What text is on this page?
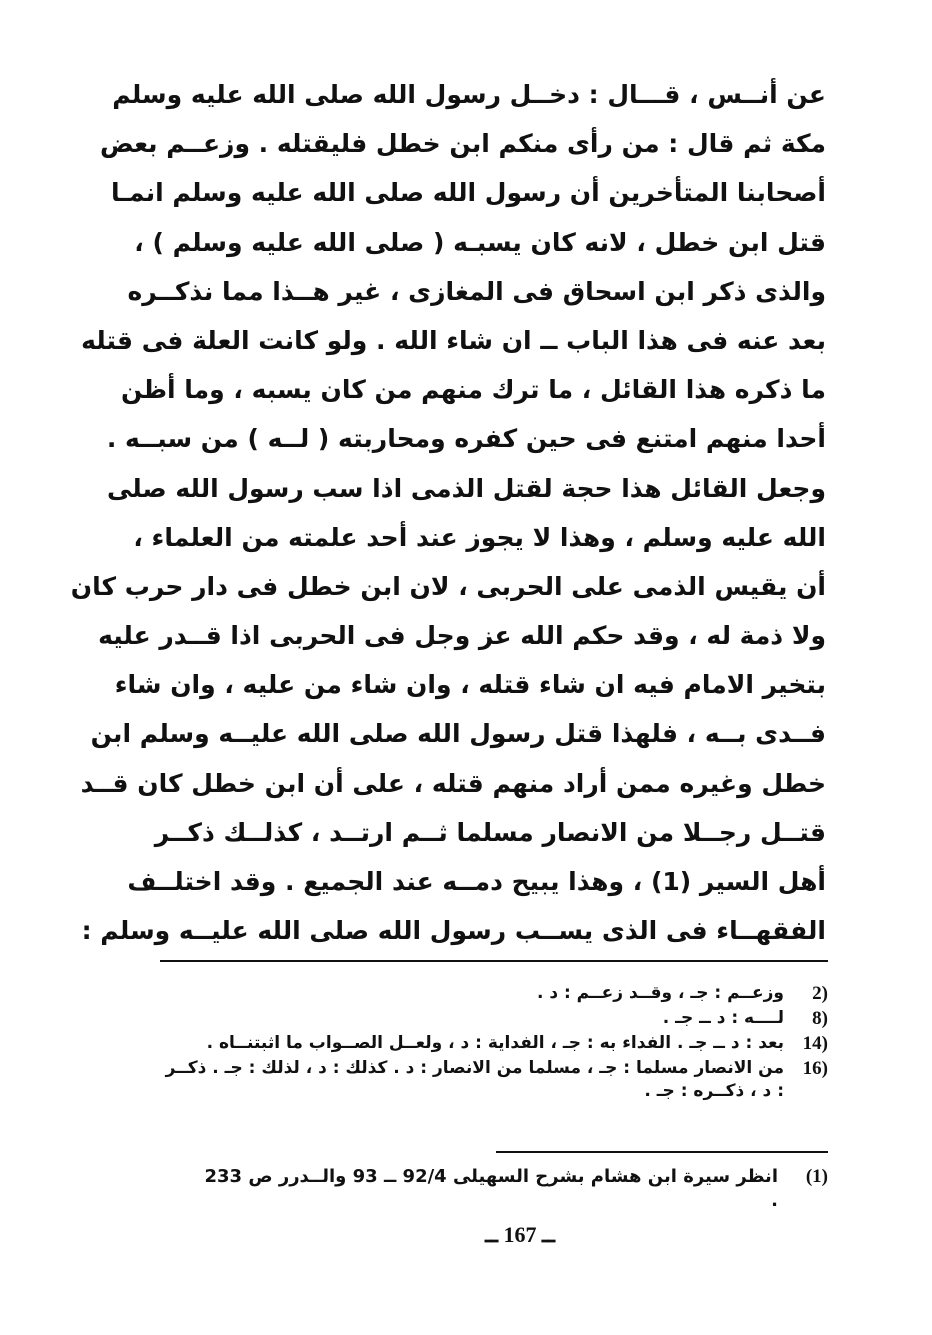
عن أنــس ، قـــال : دخــل رسول الله صلى الله عليه وسلم
مكة ثم قال : من رأى منكم ابن خطل فليقتله . وزعــم بعض
أصحابنا المتأخرين أن رسول الله صلى الله عليه وسلم انمـا
قتل ابن خطل ، لانه كان يسبـه ( صلى الله عليه وسلم ) ،
والذى ذكر ابن اسحاق فى المغازى ، غير هــذا مما نذكــره
بعد عنه فى هذا الباب ــ ان شاء الله . ولو كانت العلة فى قتله
ما ذكره هذا القائل ، ما ترك منهم من كان يسبه ، وما أظن
أحدا منهم امتنع فى حين كفره ومحاربته ( لــه ) من سبــه .
وجعل القائل هذا حجة لقتل الذمى اذا سب رسول الله صلى
الله عليه وسلم ، وهذا لا يجوز عند أحد علمته من العلماء ،
أن يقيس الذمى على الحربى ، لان ابن خطل فى دار حرب كان
ولا ذمة له ، وقد حكم الله عز وجل فى الحربى اذا قــدر عليه
بتخير الامام فيه ان شاء قتله ، وان شاء من عليه ، وان شاء
فــدى بــه ، فلهذا قتل رسول الله صلى الله عليــه وسلم ابن
خطل وغيره ممن أراد منهم قتله ، على أن ابن خطل كان قــد
قتــل رجــلا من الانصار مسلما ثــم ارتــد ، كذلــك ذكــر
أهل السير (1) ، وهذا يبيح دمــه عند الجميع . وقد اختلــف
الفقهــاء فى الذى يســب رسول الله صلى الله عليــه وسلم :
2)
وزعــم : جـ ، وقــد زعــم : د .
8)
لــــه : د ــ جـ .
14)
بعد : د ــ جـ . الفداء به : جـ ، الفداية : د ، ولعــل الصــواب ما اثبتنــاه .
16)
من الانصار مسلما : جـ ، مسلما من الانصار : د . كذلك : د ، لذلك : جـ . ذكــر : د ، ذكــره : جـ .
(1)
انظر سيرة ابن هشام بشرح السهيلى 92/4 ــ 93 والــدرر ص 233 .
ــ 167 ــ
